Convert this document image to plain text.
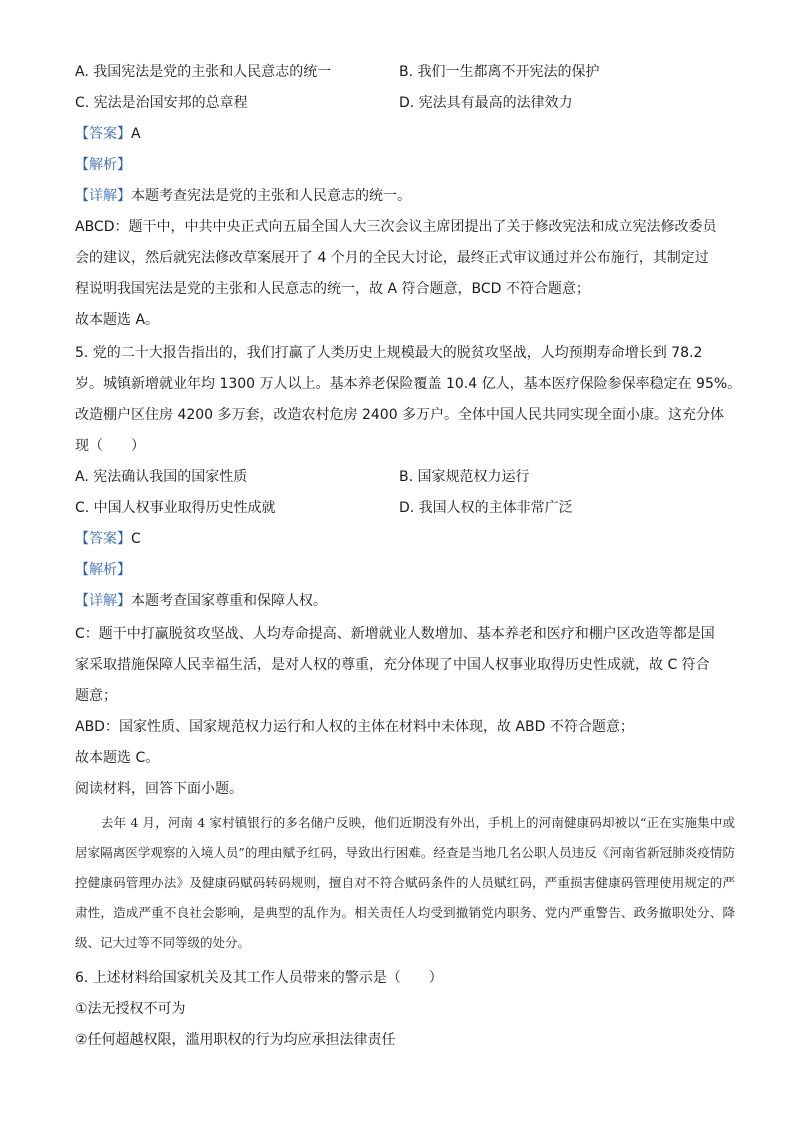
A. 我国宪法是党的主张和人民意志的统一	B. 我们一生都离不开宪法的保护
C. 宪法是治国安邦的总章程	D. 宪法具有最高的法律效力
【答案】A
【解析】
【详解】本题考查宪法是党的主张和人民意志的统一。
ABCD：题干中，中共中央正式向五届全国人大三次会议主席团提出了关于修改宪法和成立宪法修改委员
会的建议，然后就宪法修改草案展开了 4 个月的全民大讨论，最终正式审议通过并公布施行，其制定过
程说明我国宪法是党的主张和人民意志的统一，故 A 符合题意，BCD 不符合题意；
故本题选 A。
5. 党的二十大报告指出的，我们打赢了人类历史上规模最大的脱贫攻坚战，人均预期寿命增长到 78.2
岁。城镇新增就业年均 1300 万人以上。基本养老保险覆盖 10.4 亿人，基本医疗保险参保率稳定在 95%。
改造棚户区住房 4200 多万套，改造农村危房 2400 多万户。全体中国人民共同实现全面小康。这充分体
现（　　）
A. 宪法确认我国的国家性质	B. 国家规范权力运行
C. 中国人权事业取得历史性成就	D. 我国人权的主体非常广泛
【答案】C
【解析】
【详解】本题考查国家尊重和保障人权。
C：题干中打赢脱贫攻坚战、人均寿命提高、新增就业人数增加、基本养老和医疗和棚户区改造等都是国
家采取措施保障人民幸福生活，是对人权的尊重，充分体现了中国人权事业取得历史性成就，故 C 符合
题意；
ABD：国家性质、国家规范权力运行和人权的主体在材料中未体现，故 ABD 不符合题意；
故本题选 C。
阅读材料，回答下面小题。

去年 4 月，河南 4 家村镇银行的多名储户反映，他们近期没有外出，手机上的河南健康码却被以“正在实施集中或居家隔离医学观察的入境人员”的理由赋予红码，导致出行困难。经查是当地几名公职人员违反《河南省新冠肺炎疫情防控健康码管理办法》及健康码赋码转码规则，擅自对不符合赋码条件的人员赋红码，严重损害健康码管理使用规定的严肃性，造成严重不良社会影响，是典型的乱作为。相关责任人均受到撤销党内职务、党内严重警告、政务撤职处分、降级、记大过等不同等级的处分。

6. 上述材料给国家机关及其工作人员带来的警示是（　　）
①法无授权不可为
②任何超越权限，滥用职权的行为均应承担法律责任
